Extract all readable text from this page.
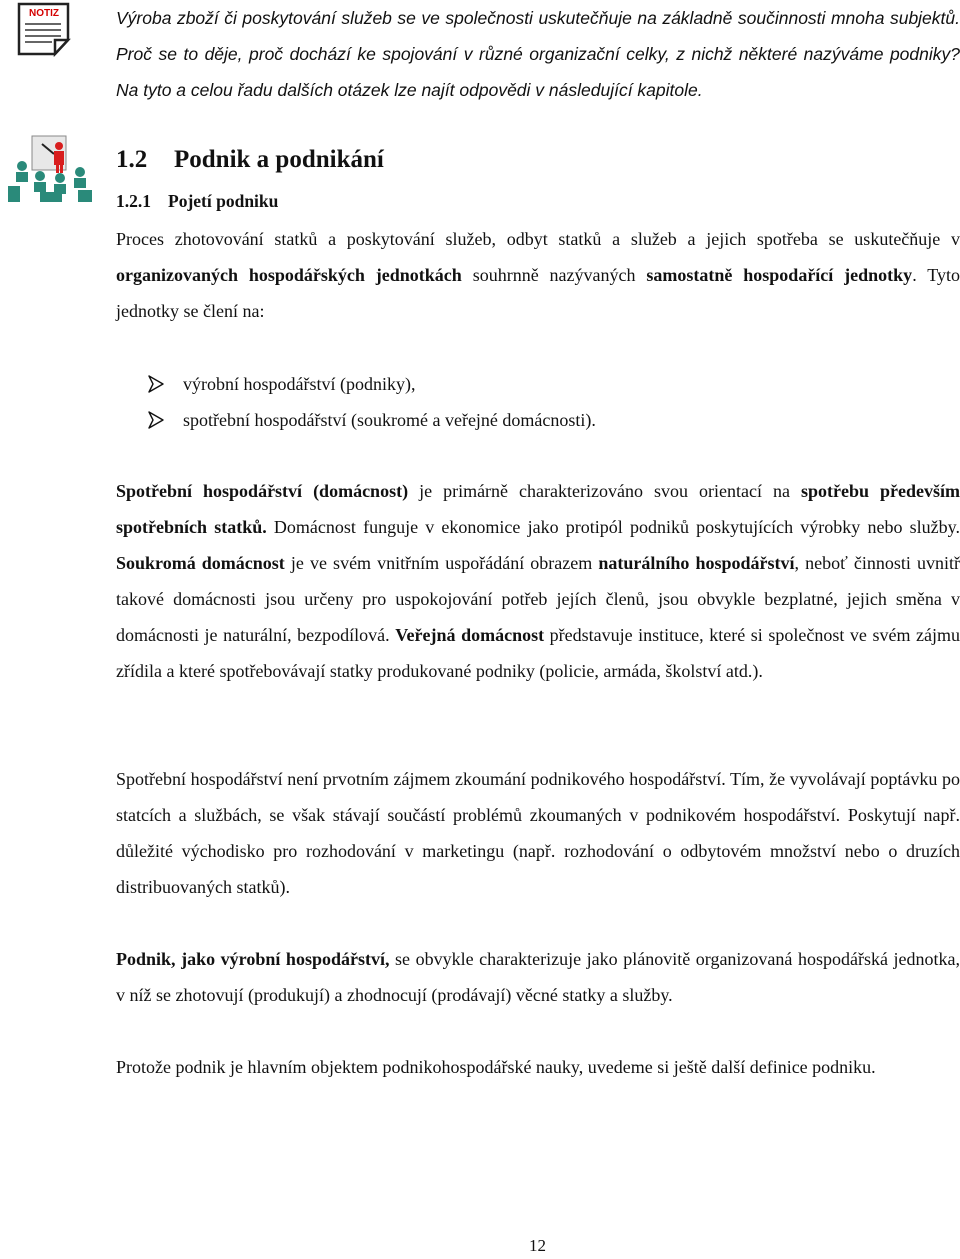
NOTIZ	Výroba zboží či poskytování služeb se ve společnosti uskutečňuje na základně součinnosti mnoha subjektů. Proč se to děje, proč dochází ke spojování v různé organizační celky, z nichž některé nazýváme podniky? Na tyto a celou řadu dalších otázek lze najít odpovědi v následující kapitole.

1.2 Podnik a podnikání
1.2.1 Pojetí podniku

Proces zhotovování statků a poskytování služeb, odbyt statků a služeb a jejich spotřeba se uskutečňuje v organizovaných hospodářských jednotkách souhrnně nazývaných samostatně hospodařící jednotky. Tyto jednotky se člení na:

výrobní hospodářství (podniky),
spotřební hospodářství (soukromé a veřejné domácnosti).

Spotřební hospodářství (domácnost) je primárně charakterizováno svou orientací na spotřebu především spotřebních statků. Domácnost funguje v ekonomice jako protipól podniků poskytujících výrobky nebo služby. Soukromá domácnost je ve svém vnitřním uspořádání obrazem naturálního hospodářství, neboť činnosti uvnitř takové domácnosti jsou určeny pro uspokojování potřeb jejích členů, jsou obvykle bezplatné, jejich směna v domácnosti je naturální, bezpodílová. Veřejná domácnost představuje instituce, které si společnost ve svém zájmu zřídila a které spotřebovávají statky produkované podniky (policie, armáda, školství atd.).

Spotřební hospodářství není prvotním zájmem zkoumání podnikového hospodářství. Tím, že vyvolávají poptávku po statcích a službách, se však stávají součástí problémů zkoumaných v podnikovém hospodářství. Poskytují např. důležité východisko pro rozhodování v marketingu (např. rozhodování o odbytovém množství nebo o druzích distribuovaných statků).

Podnik, jako výrobní hospodářství, se obvykle charakterizuje jako plánovitě organizovaná hospodářská jednotka, v níž se zhotovují (produkují) a zhodnocují (prodávají) věcné statky a služby.

Protože podnik je hlavním objektem podnikohospodářské nauky, uvedeme si ještě další definice podniku.

12
